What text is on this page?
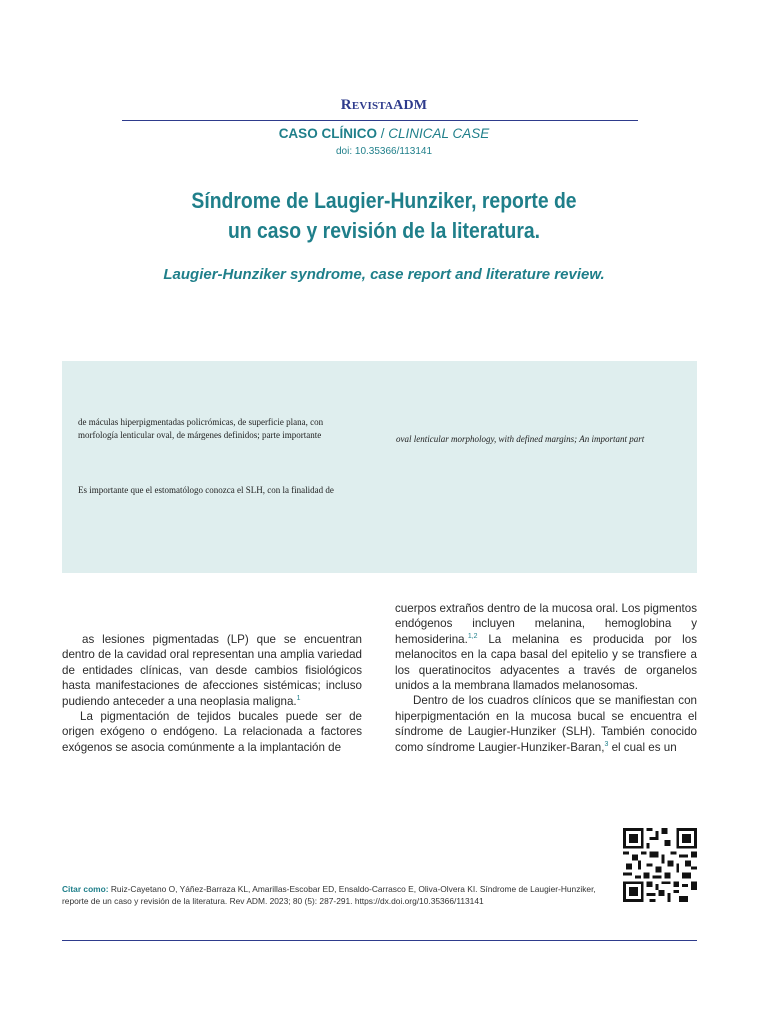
RevistaADM
CASO CLÍNICO / CLINICAL CASE
doi: 10.35366/113141
Síndrome de Laugier-Hunziker, reporte de
un caso y revisión de la literatura.
Laugier-Hunziker syndrome, case report and literature review.
de máculas hiperpigmentadas policrómicas, de superficie plana, con
morfología lenticular oval, de márgenes definidos; parte importante
Es importante que el estomatólogo conozca el SLH, con la finalidad de
oval lenticular morphology, with defined margins; An important part

as lesiones pigmentadas (LP) que se encuentran dentro de la cavidad oral representan una amplia variedad de entidades clínicas, van desde cambios fisiológicos hasta manifestaciones de afecciones sistémicas; incluso pudiendo anteceder a una neoplasia maligna.$^1$

La pigmentación de tejidos bucales puede ser de origen exógeno o endógeno. La relacionada a factores exógenos se asocia comúnmente a la implantación de

cuerpos extraños dentro de la mucosa oral. Los pigmentos endógenos incluyen melanina, hemoglobina y hemosiderina.$^{1,2}$ La melanina es producida por los melanocitos en la capa basal del epitelio y se transfiere a los queratinocitos adyacentes a través de organelos unidos a la membrana llamados melanosomas.

Dentro de los cuadros clínicos que se manifiestan con hiperpigmentación en la mucosa bucal se encuentra el síndrome de Laugier-Hunziker (SLH). También conocido como síndrome Laugier-Hunziker-Baran,$^3$ el cual es un

Citar como: Ruiz-Cayetano O, Yáñez-Barraza KL, Amarillas-Escobar ED, Ensaldo-Carrasco E, Oliva-Olvera KI. Síndrome de Laugier-Hunziker, reporte de un caso y revisión de la literatura. Rev ADM. 2023; 80 (5): 287-291. https://dx.doi.org/10.35366/113141
